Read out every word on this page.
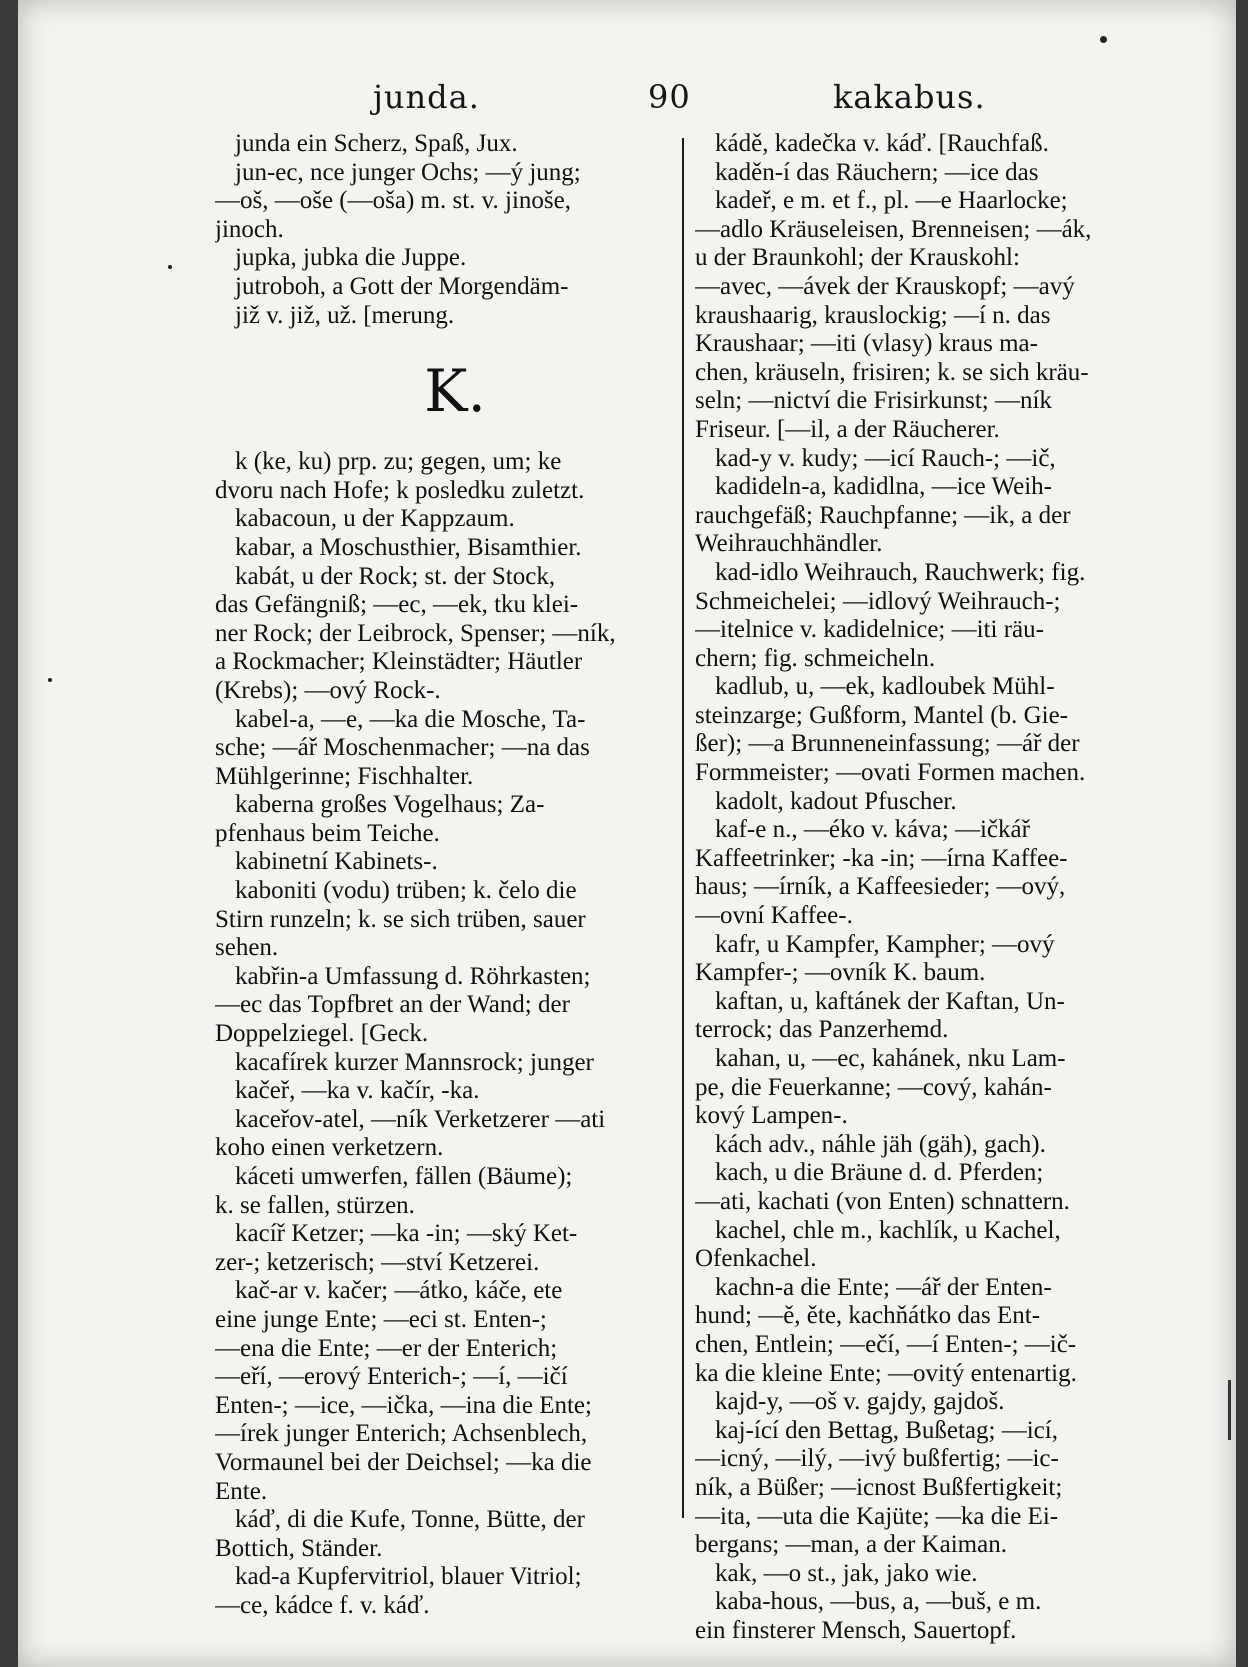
junda.	90	kakabus.
junda ein Scherz, Spaß, Jux.
jun-ec, nce junger Ochs; —ý jung;
—oš, —oše (—oša) m. st. v. jinoše,
jinoch.
jupka, jubka die Juppe.
jutroboh, a Gott der Morgendäm-
již v. již, už. [merung.
K.
k (ke, ku) prp. zu; gegen, um; ke
dvoru nach Hofe; k posledku zuletzt.
kabacoun, u der Kappzaum.
kabar, a Moschusthier, Bisamthier.
kabát, u der Rock; st. der Stock,
das Gefängniß; —ec, —ek, tku klei-
ner Rock; der Leibrock, Spenser; —ník,
a Rockmacher; Kleinstädter; Häutler
(Krebs); —ový Rock-.
kabel-a, —e, —ka die Mosche, Ta-
sche; —ář Moschenmacher; —na das
Mühlgerinne; Fischhalter.
kaberna großes Vogelhaus; Za-
pfenhaus beim Teiche.
kabinetní Kabinets-.
kaboniti (vodu) trüben; k. čelo die
Stirn runzeln; k. se sich trüben, sauer
sehen.
kabřin-a Umfassung d. Röhrkasten;
—ec das Topfbret an der Wand; der
Doppelziegel. [Geck.
kacafírek kurzer Mannsrock; junger
kačeř, —ka v. kačír, -ka.
kaceřov-atel, —ník Verketzerer —ati
koho einen verketzern.
káceti umwerfen, fällen (Bäume);
k. se fallen, stürzen.
kacíř Ketzer; —ka -in; —ský Ket-
zer-; ketzerisch; —ství Ketzerei.
kač-ar v. kačer; —átko, káče, ete
eine junge Ente; —eci st. Enten-;
—ena die Ente; —er der Enterich;
—eří, —erový Enterich-; —í, —ičí
Enten-; —ice, —ička, —ina die Ente;
—írek junger Enterich; Achsenblech,
Vormaunel bei der Deichsel; —ka die
Ente.
káď, di die Kufe, Tonne, Bütte, der
Bottich, Ständer.
kad-a Kupfervitriol, blauer Vitriol;
—ce, kádce f. v. káď.
kádě, kadečka v. káď. [Rauchfaß.
kaděn-í das Räuchern; —ice das
kadeř, e m. et f., pl. —e Haarlocke;
—adlo Kräuseleisen, Brenneisen; —ák,
u der Braunkohl; der Krauskohl:
—avec, —ávek der Krauskopf; —avý
kraushaarig, krauslockig; —í n. das
Kraushaar; —iti (vlasy) kraus ma-
chen, kräuseln, frisiren; k. se sich kräu-
seln; —nictví die Frisirkunst; —ník
Friseur. [—il, a der Räucherer.
kad-y v. kudy; —icí Rauch-; —ič,
kadideln-a, kadidlna, —ice Weih-
rauchgefäß; Rauchpfanne; —ik, a der
Weihrauchhändler.
kad-idlo Weihrauch, Rauchwerk; fig.
Schmeichelei; —idlový Weihrauch-;
—itelnice v. kadidelnice; —iti räu-
chern; fig. schmeicheln.
kadlub, u, —ek, kadloubek Mühl-
steinzarge; Gußform, Mantel (b. Gie-
ßer); —a Brunneneinfassung; —ář der
Formmeister; —ovati Formen machen.
kadolt, kadout Pfuscher.
kaf-e n., —éko v. káva; —ičkář
Kaffeetrinker; -ka -in; —írna Kaffee-
haus; —írník, a Kaffeesieder; —ový,
—ovní Kaffee-.
kafr, u Kampfer, Kampher; —ový
Kampfer-; —ovník K. baum.
kaftan, u, kaftánek der Kaftan, Un-
terrock; das Panzerhemd.
kahan, u, —ec, kahánek, nku Lam-
pe, die Feuerkanne; —cový, kahán-
kový Lampen-.
kách adv., náhle jäh (gäh), gach).
kach, u die Bräune d. d. Pferden;
—ati, kachati (von Enten) schnattern.
kachel, chle m., kachlík, u Kachel,
Ofenkachel.
kachn-a die Ente; —ář der Enten-
hund; —ě, ěte, kachňátko das Ent-
chen, Entlein; —ečí, —í Enten-; —ič-
ka die kleine Ente; —ovitý entenartig.
kajd-y, —oš v. gajdy, gajdoš.
kaj-ící den Bettag, Bußetag; —icí,
—icný, —ilý, —ivý bußfertig; —ic-
ník, a Büßer; —icnost Bußfertigkeit;
—ita, —uta die Kajüte; —ka die Ei-
bergans; —man, a der Kaiman.
kak, —o st., jak, jako wie.
kaba-hous, —bus, a, —buš, e m.
ein finsterer Mensch, Sauertopf.
